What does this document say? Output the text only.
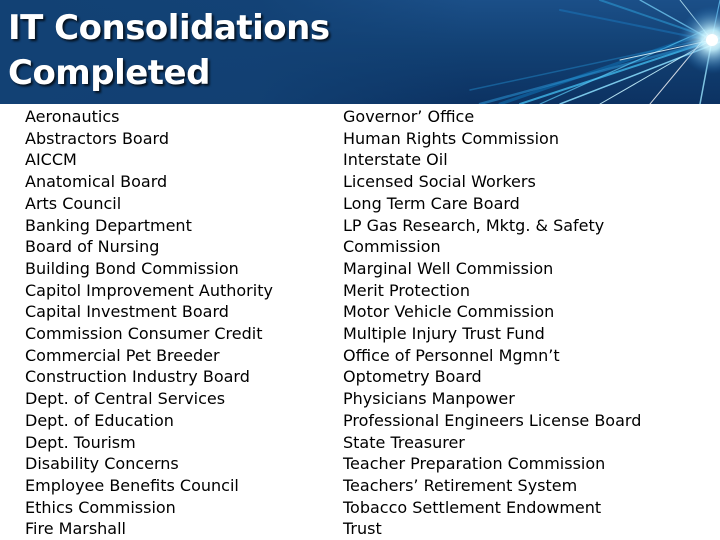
IT Consolidations
Completed
Aeronautics
Abstractors Board
AICCM
Anatomical Board
Arts Council
Banking Department
Board of Nursing
Building Bond Commission
Capitol Improvement Authority
Capital Investment Board
Commission Consumer Credit
Commercial Pet Breeder
Construction Industry Board
Dept. of Central Services
Dept. of Education
Dept. Tourism
Disability Concerns
Employee Benefits Council
Ethics Commission
Fire Marshall
Governor’ Office
Human Rights Commission
Interstate Oil
Licensed Social Workers
Long Term Care Board
LP Gas Research, Mktg. & Safety
Commission
Marginal Well Commission
Merit Protection
Motor Vehicle Commission
Multiple Injury Trust Fund
Office of Personnel Mgmn’t
Optometry Board
Physicians Manpower
Professional Engineers License Board
State Treasurer
Teacher Preparation Commission
Teachers’ Retirement System
Tobacco Settlement Endowment
Trust
